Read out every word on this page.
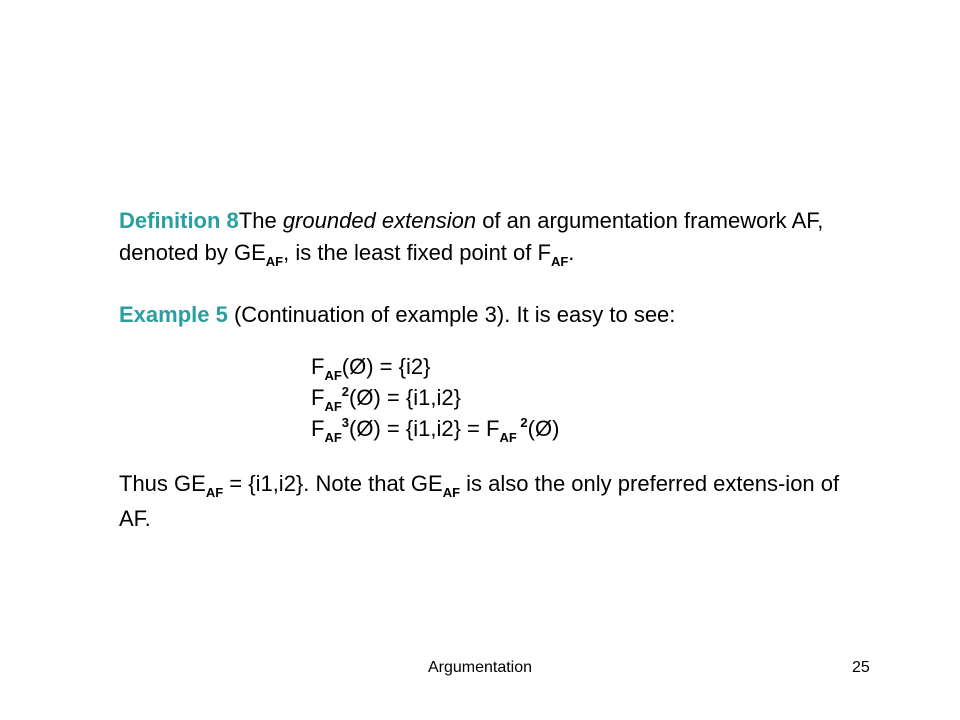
Definition 8The grounded extension of an argumentation framework AF, denoted by $GE_{AF}$, is the least fixed point of $F_{AF}$.

Example 5 (Continuation of example 3). It is easy to see:

$F_{AF}(Ø) = \{i2\}$
$F_{AF}^2(Ø) = \{i1,i2\}$
$F_{AF}^3(Ø) = \{i1,i2\} = F_{AF}$ $^2$(Ø)

Thus $GE_{AF} = \{i1,i2\}$. Note that $GE_{AF}$ is also the only preferred extens-ion of AF.

Argumentation	25
